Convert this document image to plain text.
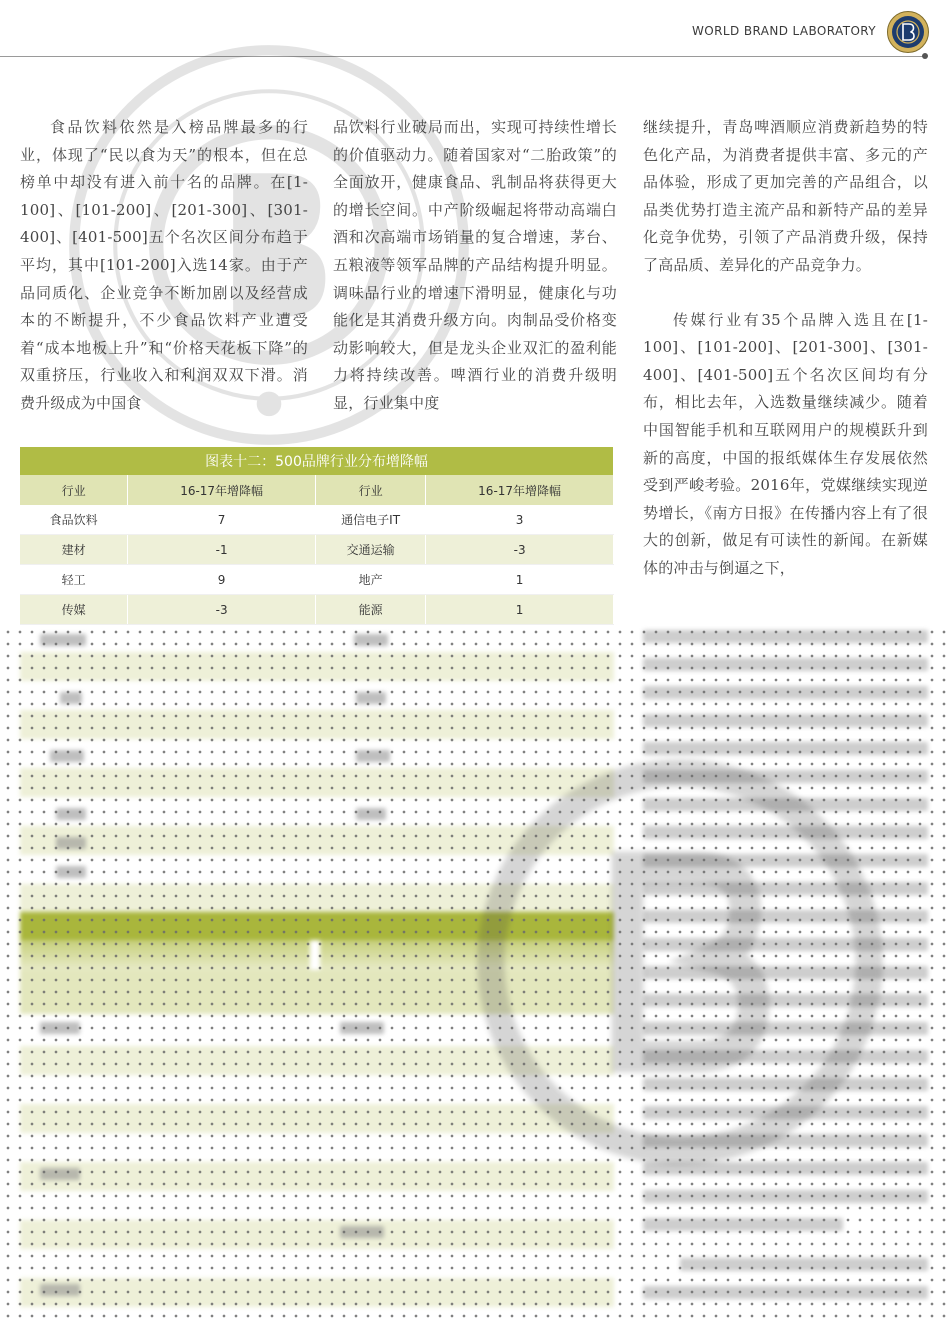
WORLD BRAND LABORATORY

食品饮料依然是入榜品牌最多的行业，体现了“民以食为天”的根本，但在总榜单中却没有进入前十名的品牌。在[1-100]、[101-200]、[201-300]、[301-400]、[401-500]五个名次区间分布趋于平均，其中[101-200]入选14家。由于产品同质化、企业竞争不断加剧以及经营成本的不断提升，不少食品饮料产业遭受着“成本地板上升”和“价格天花板下降”的双重挤压，行业收入和利润双双下滑。消费升级成为中国食

品饮料行业破局而出，实现可持续性增长的价值驱动力。随着国家对“二胎政策”的全面放开，健康食品、乳制品将获得更大的增长空间。中产阶级崛起将带动高端白酒和次高端市场销量的复合增速，茅台、五粮液等领军品牌的产品结构提升明显。调味品行业的增速下滑明显，健康化与功能化是其消费升级方向。肉制品受价格变动影响较大，但是龙头企业双汇的盈利能力将持续改善。啤酒行业的消费升级明显，行业集中度

继续提升，青岛啤酒顺应消费新趋势的特色化产品，为消费者提供丰富、多元的产品体验，形成了更加完善的产品组合，以品类优势打造主流产品和新特产品的差异化竞争优势，引领了产品消费升级，保持了高品质、差异化的产品竞争力。

传媒行业有35个品牌入选且在[1-100]、[101-200]、[201-300]、[301-400]、[401-500]五个名次区间均有分布，相比去年，入选数量继续减少。随着中国智能手机和互联网用户的规模跃升到新的高度，中国的报纸媒体生存发展依然受到严峻考验。2016年，党媒继续实现逆势增长，《南方日报》在传播内容上有了很大的创新，做足有可读性的新闻。在新媒体的冲击与倒逼之下，

图表十二：500品牌行业分布增降幅			
行业	16-17年增降幅	行业	16-17年增降幅
食品饮料	7	通信电子IT	3
建材	-1	交通运输	-3
轻工	9	地产	1
传媒	-3	能源	1
